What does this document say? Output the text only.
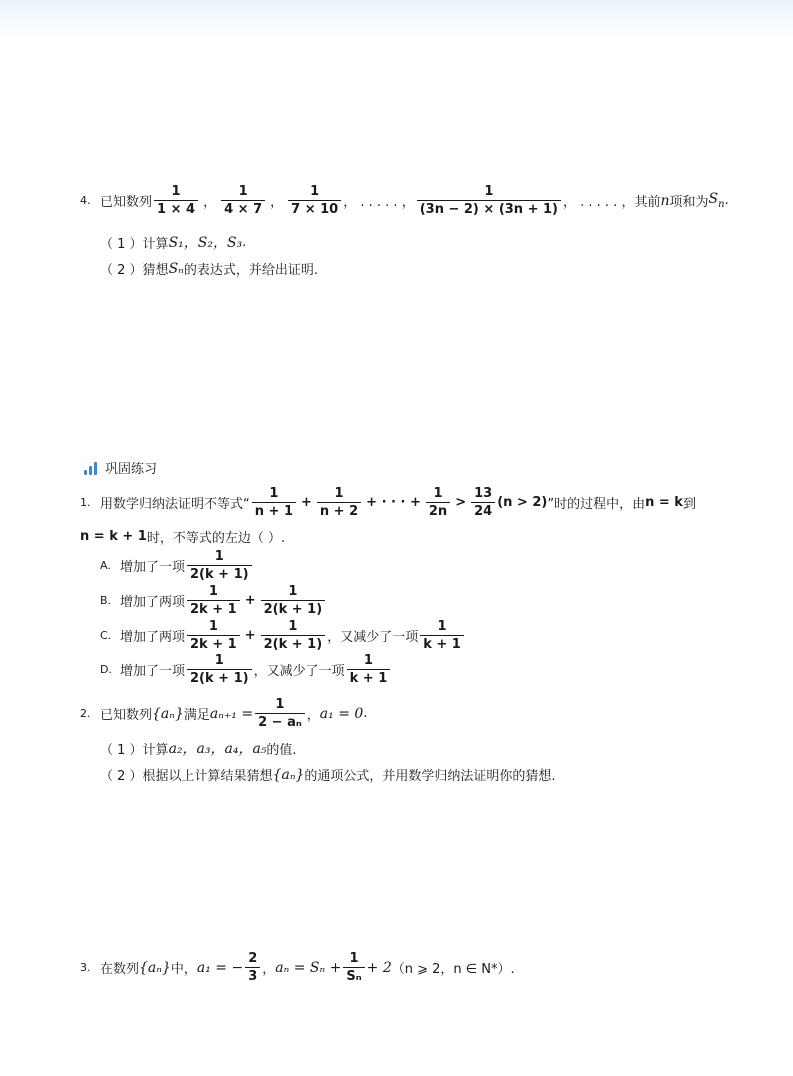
4. 已知数列 $\frac{1}{1 \times 4}$ ， $\frac{1}{4 \times 7}$ ， $\frac{1}{7 \times 10}$ ， . . . . . ， $\frac{1}{(3n - 2) \times (3n + 1)}$ ， . . . . . ，其前 n 项和为 $S_n$ .
（ 1 ） 计算 S₁，S₂，S₃ .
（ 2 ） 猜想 Sₙ 的表达式，并给出证明.
巩固练习
1. 用数学归纳法证明不等式“ $\frac{1}{n + 1} + \frac{1}{n + 2}$ + · · · + $\frac{1}{2n} > \frac{13}{24} (n > 2)$ ”时的过程中，由 n = k 到
n = k + 1 时，不等式的左边（ ）.
A. 增加了一项 $\frac{1}{2(k + 1)}$
B. 增加了两项 $\frac{1}{2k + 1} + \frac{1}{2(k + 1)}$
C. 增加了两项 $\frac{1}{2k + 1} + \frac{1}{2(k + 1)}$ ，又减少了一项 $\frac{1}{k + 1}$
D. 增加了一项 $\frac{1}{2(k + 1)}$ ，又减少了一项 $\frac{1}{k + 1}$
2. 已知数列 {aₙ} 满足 $a_{n+1} = \frac{1}{\text{2 − aₙ}}$ ， a₁ = 0 .
（ 1 ） 计算 a₂，a₃，a₄，a₅ 的值.
（ 2 ） 根据以上计算结果猜想 {aₙ} 的通项公式，并用数学归纳法证明你的猜想.
3. 在数列 {aₙ} 中， a₁ = − $\frac{2}{3}$ ， $a_n = S_n + \frac{1}{\text{Sₙ}} + 2$ （n ⩾ 2，n ∈ N*）.
